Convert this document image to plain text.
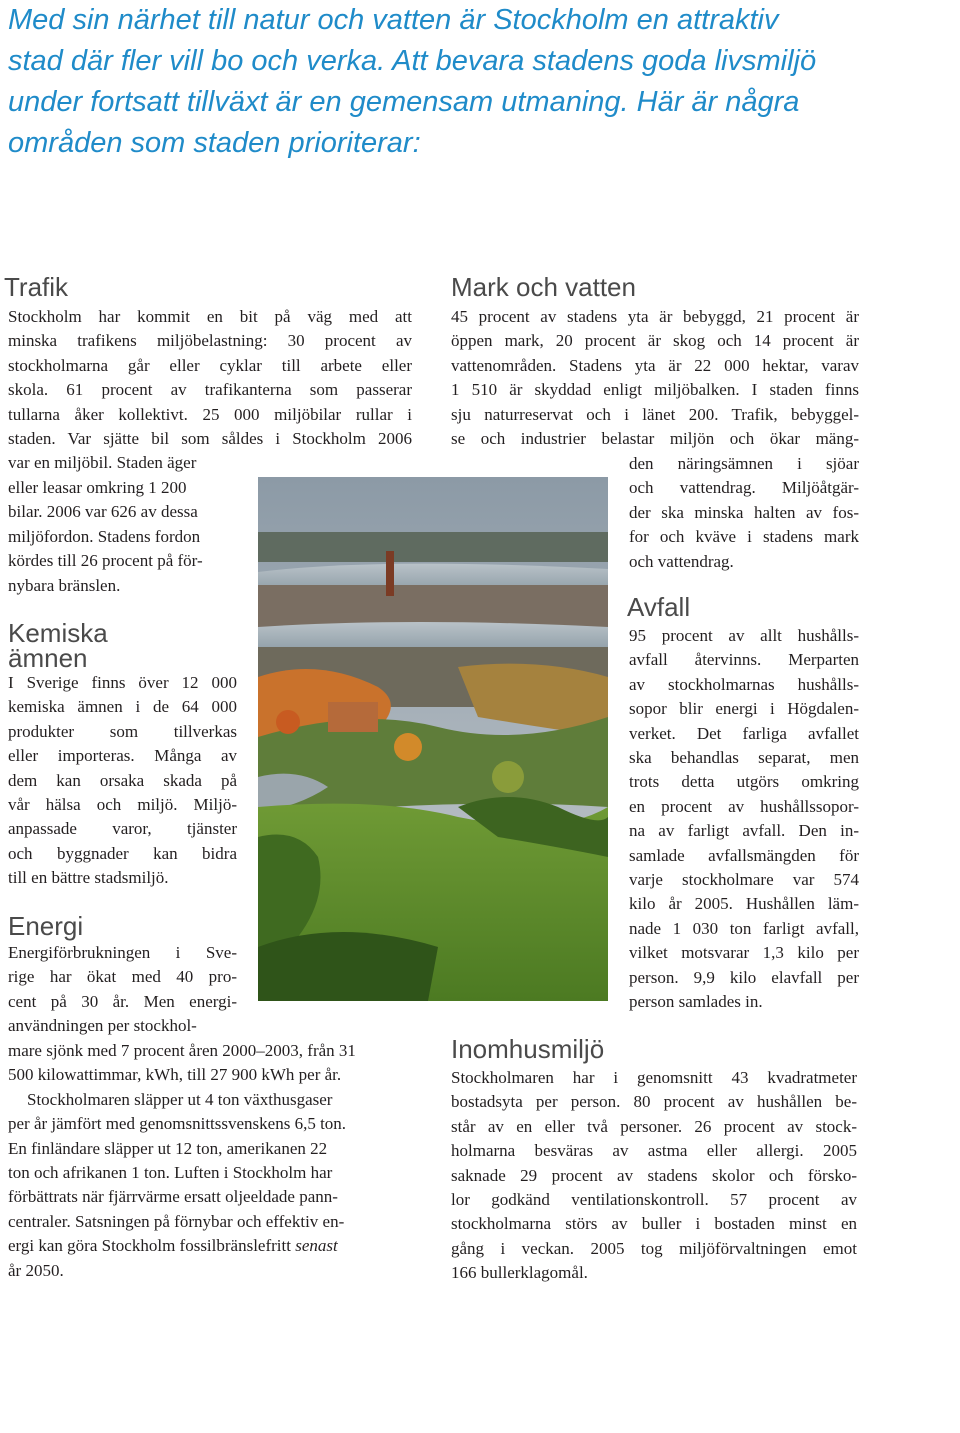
Med sin närhet till natur och vatten är Stockholm en attraktiv
stad där fler vill bo och verka. Att bevara stadens goda livsmiljö
under fortsatt tillväxt är en gemensam utmaning. Här är några
områden som staden prioriterar:
Trafik
Stockholm har kommit en bit på väg med att
minska trafikens miljöbelastning: 30 procent av
stockholmarna går eller cyklar till arbete eller
skola. 61 procent av trafikanterna som passerar
tullarna åker kollektivt. 25 000 miljöbilar rullar i
staden. Var sjätte bil som såldes i Stockholm 2006
var en miljöbil. Staden äger
eller leasar omkring 1 200
bilar. 2006 var 626 av dessa
miljöfordon. Stadens fordon
kördes till 26 procent på för-
nybara bränslen.
Kemiska
ämnen
I Sverige finns över 12 000
kemiska ämnen i de 64 000
produkter som tillverkas
eller importeras. Många av
dem kan orsaka skada på
vår hälsa och miljö. Miljö-
anpassade varor, tjänster
och byggnader kan bidra
till en bättre stadsmiljö.
Energi
Energiförbrukningen i Sve-
rige har ökat med 40 pro-
cent på 30 år. Men energi-
användningen per stockhol-
mare sjönk med 7 procent åren 2000–2003, från 31
500 kilowattimmar, kWh, till 27 900 kWh per år.
Stockholmaren släpper ut 4 ton växthusgaser
per år jämfört med genomsnittssvenskens 6,5 ton.
En finländare släpper ut 12 ton, amerikanen 22
ton och afrikanen 1 ton. Luften i Stockholm har
förbättrats när fjärrvärme ersatt oljeeldade pann-
centraler. Satsningen på förnybar och effektiv en-
ergi kan göra Stockholm fossilbränslefritt senast
år 2050.
Mark och vatten
45 procent av stadens yta är bebyggd, 21 procent är
öppen mark, 20 procent är skog och 14 procent är
vattenområden. Stadens yta är 22 000 hektar, varav
1 510 är skyddad enligt miljöbalken. I staden finns
sju naturreservat och i länet 200. Trafik, bebyggel-
se och industrier belastar miljön och ökar mäng-
den näringsämnen i sjöar
och vattendrag. Miljöåtgär-
der ska minska halten av fos-
for och kväve i stadens mark
och vattendrag.
Avfall
95 procent av allt hushålls-
avfall återvinns. Merparten
av stockholmarnas hushålls-
sopor blir energi i Högdalen-
verket. Det farliga avfallet
ska behandlas separat, men
trots detta utgörs omkring
en procent av hushållssopor-
na av farligt avfall. Den in-
samlade avfallsmängden för
varje stockholmare var 574
kilo år 2005. Hushållen läm-
nade 1 030 ton farligt avfall,
vilket motsvarar 1,3 kilo per
person. 9,9 kilo elavfall per
person samlades in.
Inomhusmiljö
Stockholmaren har i genomsnitt 43 kvadratmeter
bostadsyta per person. 80 procent av hushållen be-
står av en eller två personer. 26 procent av stock-
holmarna besväras av astma eller allergi. 2005
saknade 29 procent av stadens skolor och försko-
lor godkänd ventilationskontroll. 57 procent av
stockholmarna störs av buller i bostaden minst en
gång i veckan. 2005 tog miljöförvaltningen emot
166 bullerklagomål.
